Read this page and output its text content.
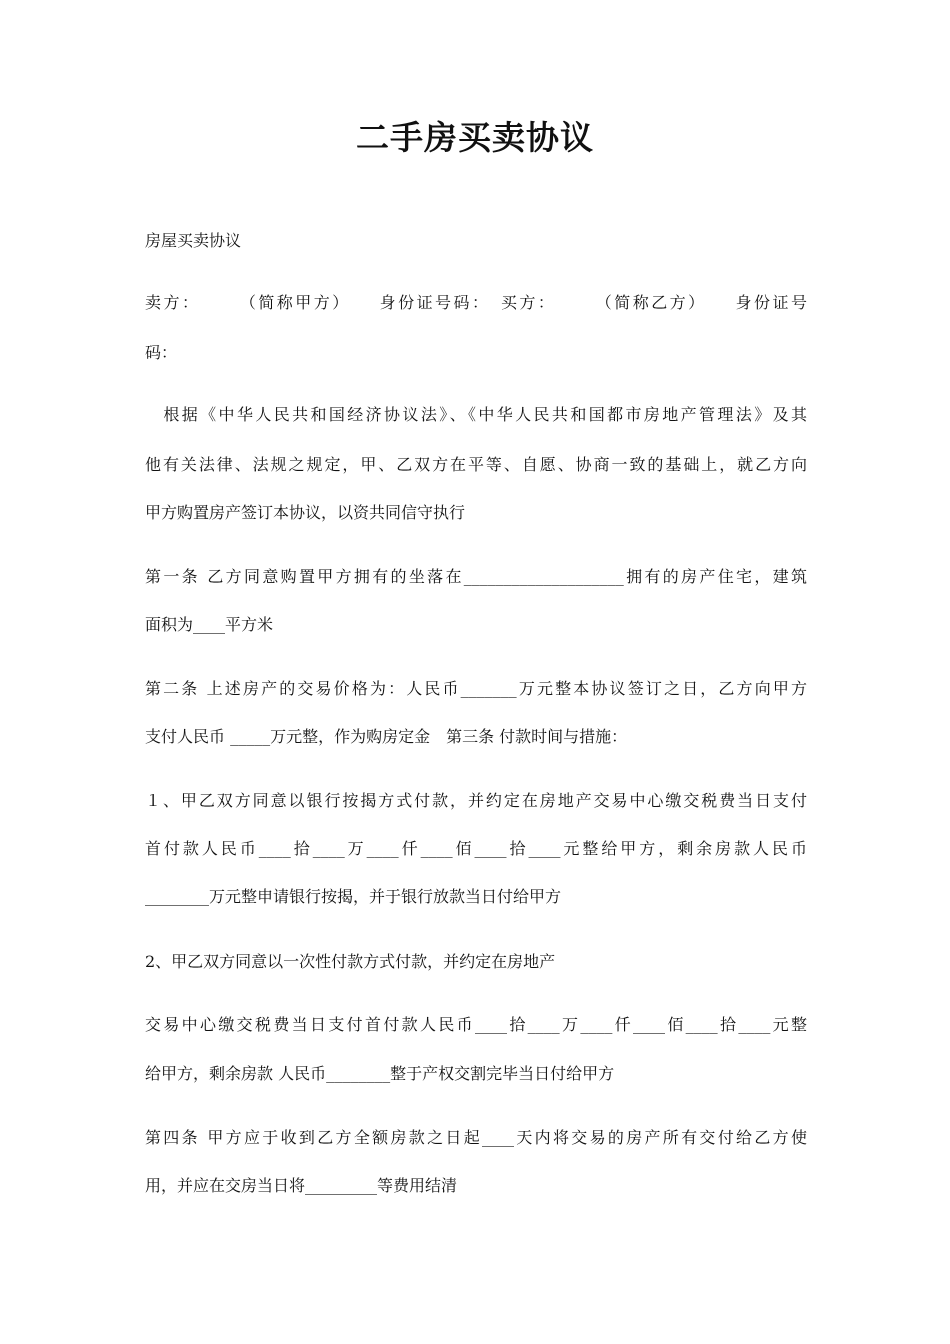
二手房买卖协议
房屋买卖协议
卖方：　　　（简称甲方）　　身份证号码：　买方：　　　（简称乙方）　　身份证号
码：
　根据《中华人民共和国经济协议法》、《中华人民共和国都市房地产管理法》及其
他有关法律、法规之规定，甲、乙双方在平等、自愿、协商一致的基础上，就乙方向
甲方购置房产签订本协议，以资共同信守执行
第一条 乙方同意购置甲方拥有的坐落在____________________拥有的房产住宅，建筑
面积为____平方米
第二条 上述房产的交易价格为：人民币_______万元整本协议签订之日，乙方向甲方
支付人民币 _____万元整，作为购房定金　第三条 付款时间与措施：
１、甲乙双方同意以银行按揭方式付款，并约定在房地产交易中心缴交税费当日支付
首付款人民币____拾____万____仟____佰____拾____元整给甲方，剩余房款人民币
________万元整申请银行按揭，并于银行放款当日付给甲方
2、甲乙双方同意以一次性付款方式付款，并约定在房地产
交易中心缴交税费当日支付首付款人民币____拾____万____仟____佰____拾____元整
给甲方，剩余房款 人民币________整于产权交割完毕当日付给甲方
第四条 甲方应于收到乙方全额房款之日起____天内将交易的房产所有交付给乙方使
用，并应在交房当日将_________等费用结清
